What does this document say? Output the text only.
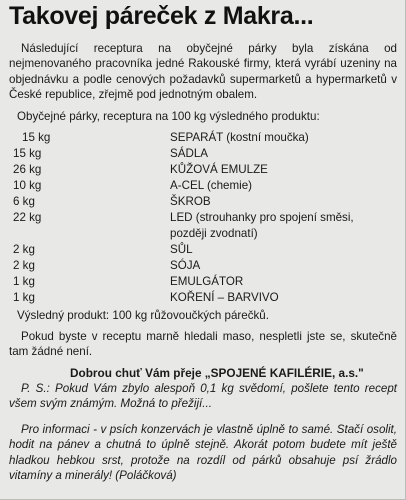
Takovej páreček z Makra...
Následující receptura na obyčejné párky byla získána od nejmenovaného pracovníka jedné Rakouské firmy, která vyrábí uzeniny na objednávku a podle cenových požadavků supermarketů a hypermarketů v České republice, zřejmě pod jednotným obalem.
Obyčejné párky, receptura na 100 kg výsledného produktu:
15 kg	SEPARÁT (kostní moučka)
15 kg	SÁDLA
26 kg	KŮŽOVÁ EMULZE
10 kg	A-CEL (chemie)
6 kg	ŠKROB
22 kg	LED (strouhanky pro spojení směsi,
později zvodnatí)
2 kg	SŮL
2 kg	SÓJA
1 kg	EMULGÁTOR
1 kg	KOŘENÍ – BARVIVO
Výsledný produkt: 100 kg růžovoučkých párečků.
Pokud byste v receptu marně hledali maso, nespletli jste se, skutečně tam žádné není.
Dobrou chuť Vám přeje „SPOJENÉ KAFILÉRIE, a.s."
P. S.: Pokud Vám zbylo alespoň 0,1 kg svědomí, pošlete tento recept všem svým známým. Možná to přežijí...
Pro informaci - v psích konzervách je vlastně úplně to samé. Stačí osolit, hodit na pánev a chutná to úplně stejně. Akorát potom budete mít ještě hladkou hebkou srst, protože na rozdíl od párků obsahuje psí žrádlo vitamíny a minerály! (Poláčková)
